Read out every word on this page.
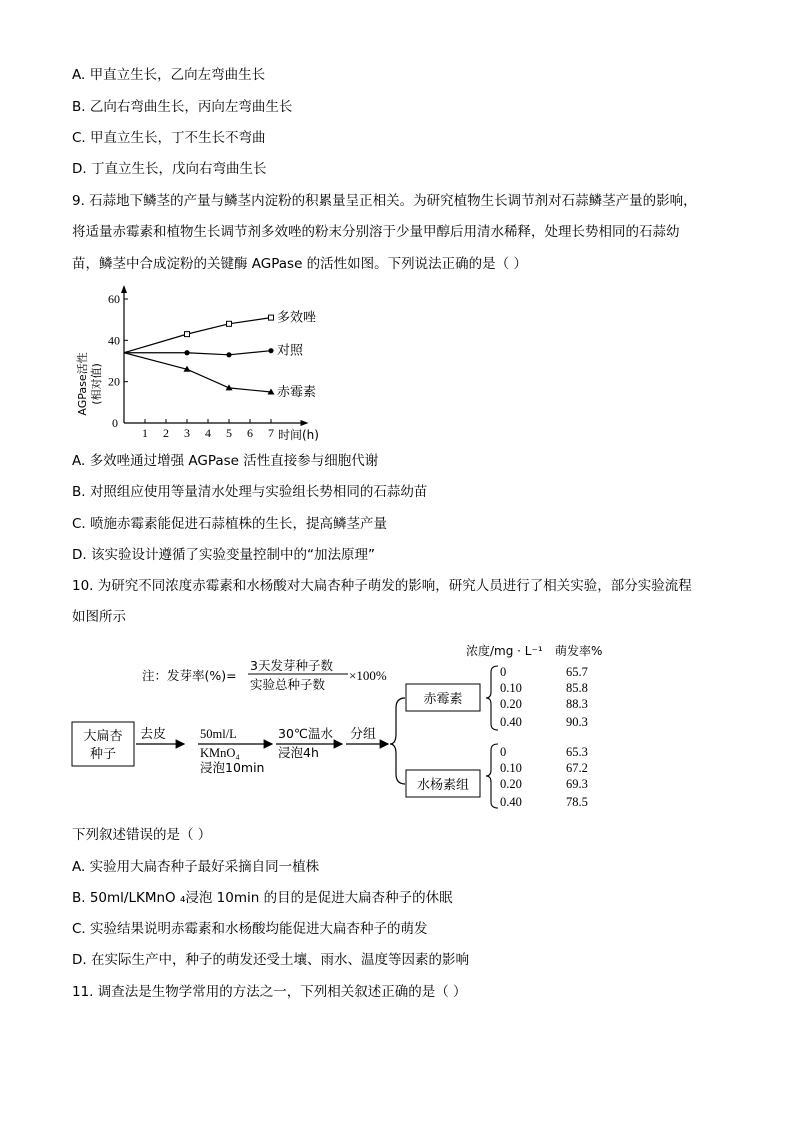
A. 甲直立生长，乙向左弯曲生长
B. 乙向右弯曲生长，丙向左弯曲生长
C. 甲直立生长，丁不生长不弯曲
D. 丁直立生长，戊向右弯曲生长
9. 石蒜地下鳞茎的产量与鳞茎内淀粉的积累量呈正相关。为研究植物生长调节剂对石蒜鳞茎产量的影响，
将适量赤霉素和植物生长调节剂多效唑的粉末分别溶于少量甲醇后用清水稀释，处理长势相同的石蒜幼
苗，鳞茎中合成淀粉的关键酶 AGPase 的活性如图。下列说法正确的是（ ）
1 2 3 4 5 6 7
20
40
60
0
多效唑
对照
赤霉素
AGPase活性 (相对值)
时间(h)
A. 多效唑通过增强 AGPase 活性直接参与细胞代谢
B. 对照组应使用等量清水处理与实验组长势相同的石蒜幼苗
C. 喷施赤霉素能促进石蒜植株的生长，提高鳞茎产量
D. 该实验设计遵循了实验变量控制中的“加法原理”
10. 为研究不同浓度赤霉素和水杨酸对大扁杏种子萌发的影响，研究人员进行了相关实验，部分实验流程
如图所示
注：发芽率(%)=
3天发芽种子数
实验总种子数
×100%
浓度/mg · L⁻¹ 萌发率%
大扁杏
种子
去皮	50ml/L
KMnO₄
浸泡10min
30℃温水
浸泡4h
分组
赤霉素
水杨素组
0	65.7
0.10	85.8
0.20	88.3
0.40	90.3
0	65.3
0.10	67.2
0.20	69.3
0.40	78.5
下列叙述错误的是（ ）
A. 实验用大扁杏种子最好采摘自同一植株
B. 50ml/LKMnO ₄浸泡 10min 的目的是促进大扁杏种子的休眠
C. 实验结果说明赤霉素和水杨酸均能促进大扁杏种子的萌发
D. 在实际生产中，种子的萌发还受土壤、雨水、温度等因素的影响
11. 调查法是生物学常用的方法之一，下列相关叙述正确的是（ ）
